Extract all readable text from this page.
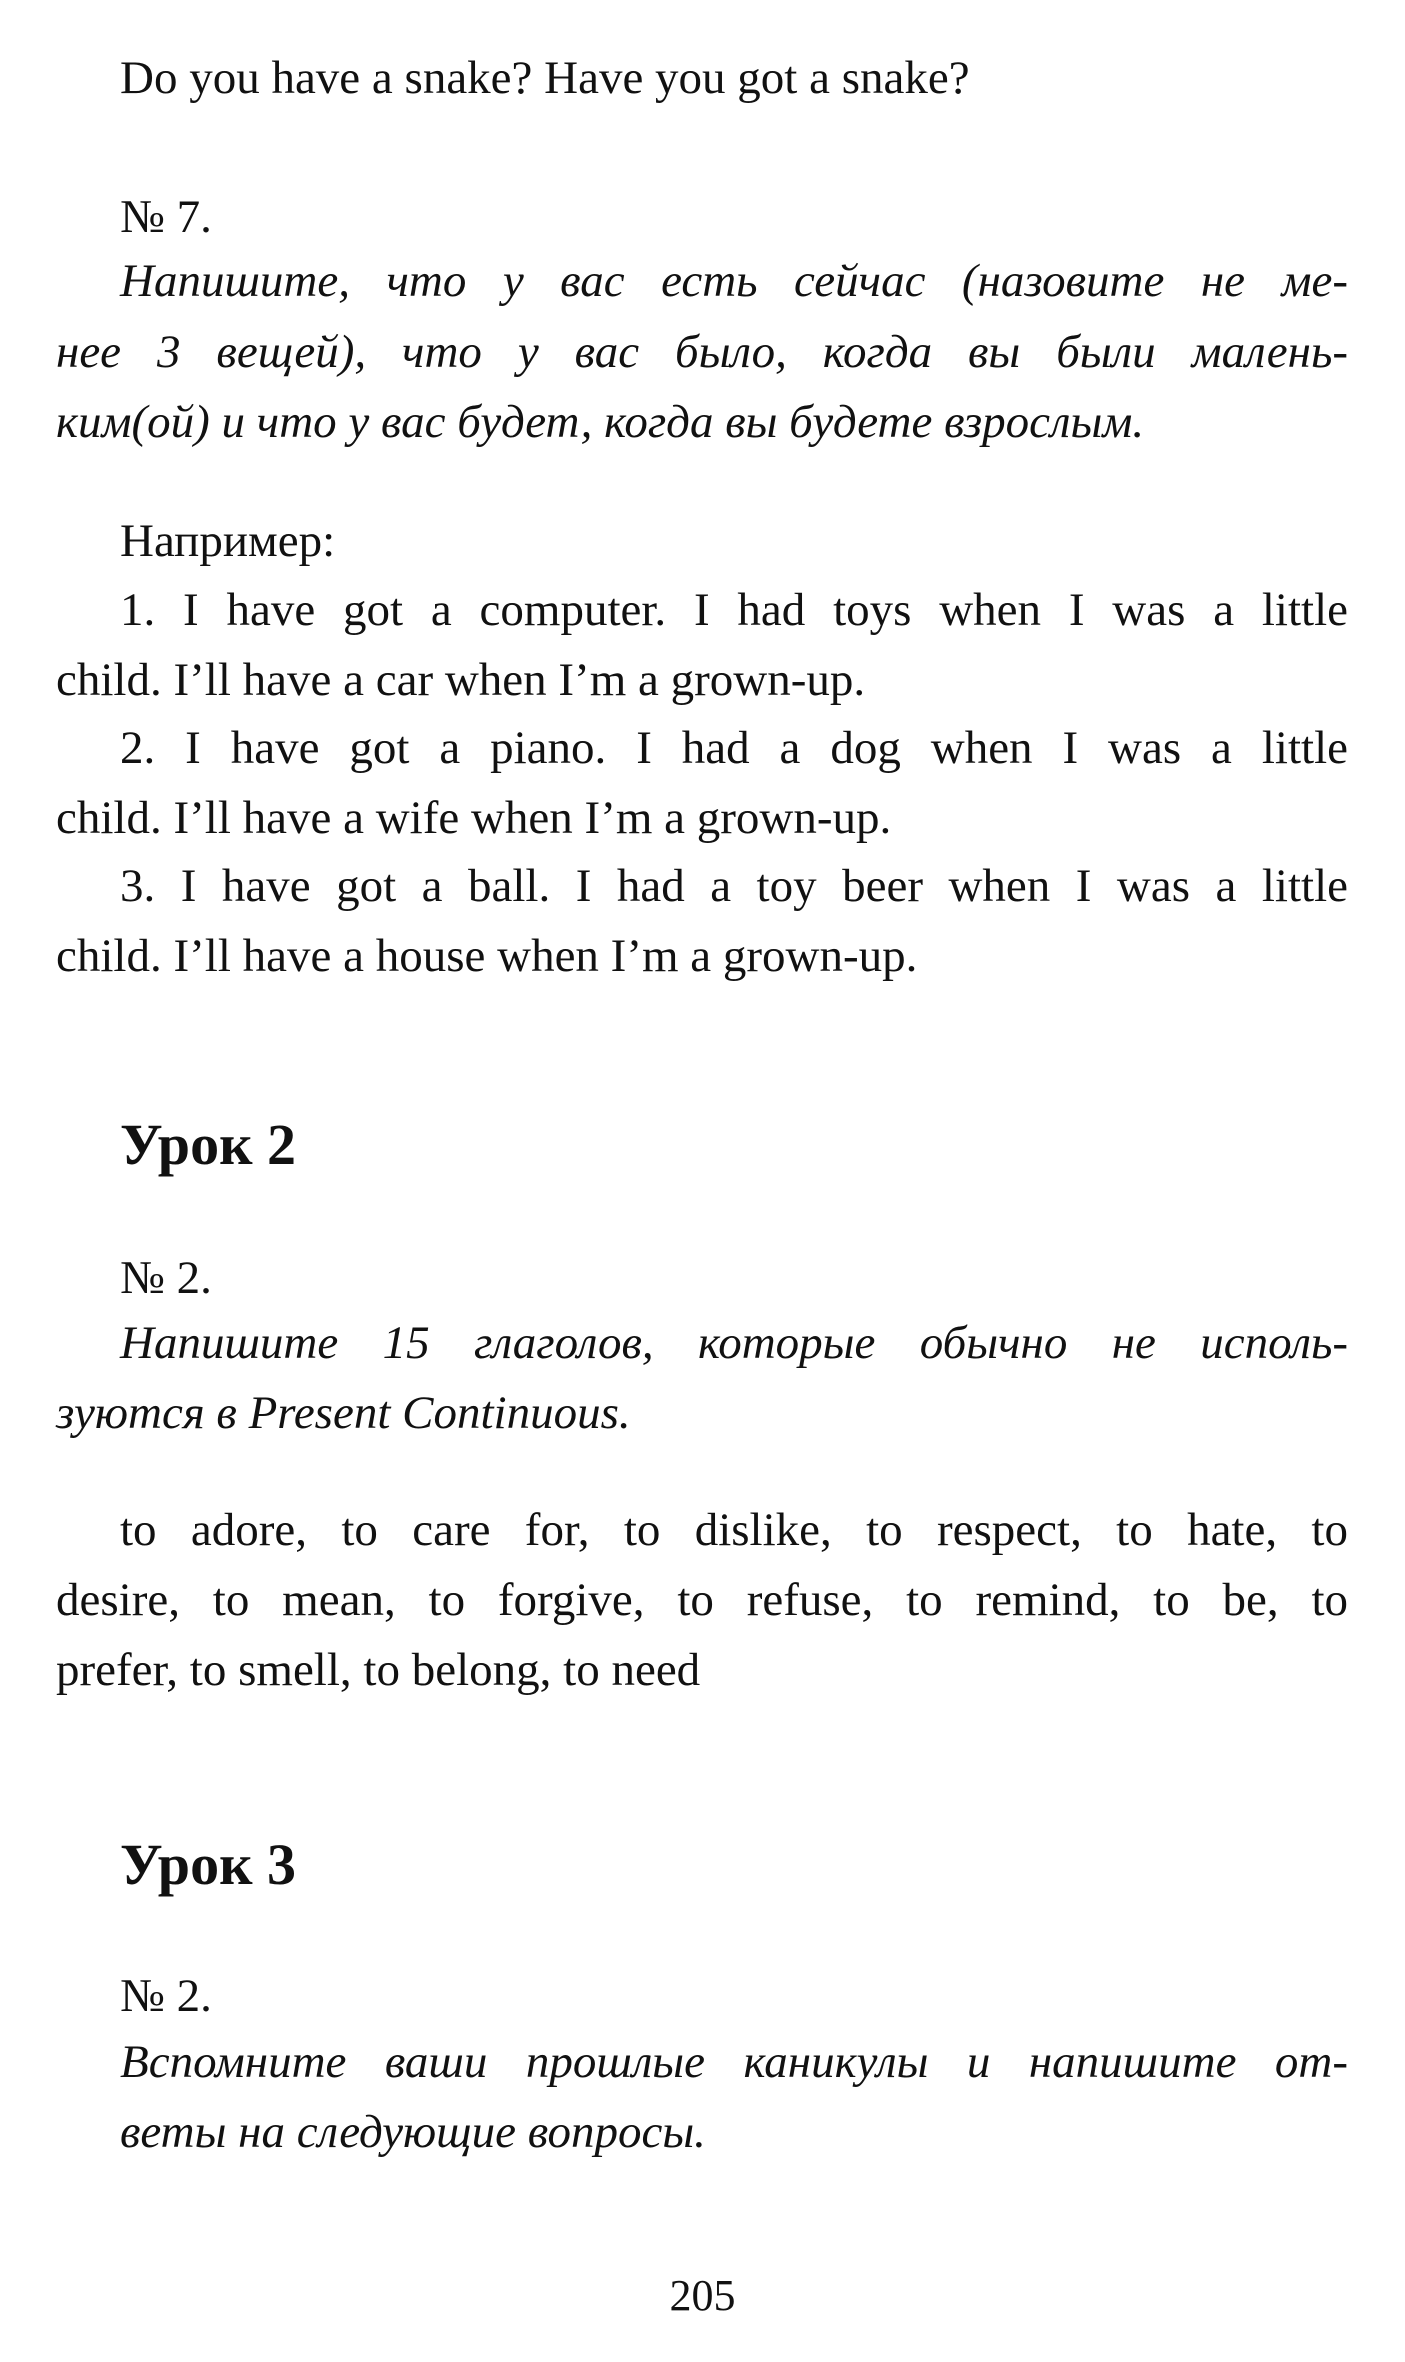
Do you have a snake? Have you got a snake?
№ 7.
Напишите, что у вас есть сейчас (назовите не ме-
нее 3 вещей), что у вас было, когда вы были малень-
ким(ой) и что у вас будет, когда вы будете взрослым.
Например:
1. I have got a computer. I had toys when I was a little
child. I’ll have a car when I’m a grown-up.
2. I have got a piano. I had a dog when I was a little
child. I’ll have a wife when I’m a grown-up.
3. I have got a ball. I had a toy beer when I was a little
child. I’ll have a house when I’m a grown-up.
Урок 2
№ 2.
Напишите 15 глаголов, которые обычно не исполь-
зуются в Present Continuous.
to adore, to care for, to dislike, to respect, to hate, to
desire, to mean, to forgive, to refuse, to remind, to be, to
prefer, to smell, to belong, to need
Урок 3
№ 2.
Вспомните ваши прошлые каникулы и напишите от-
веты на следующие вопросы.
205
